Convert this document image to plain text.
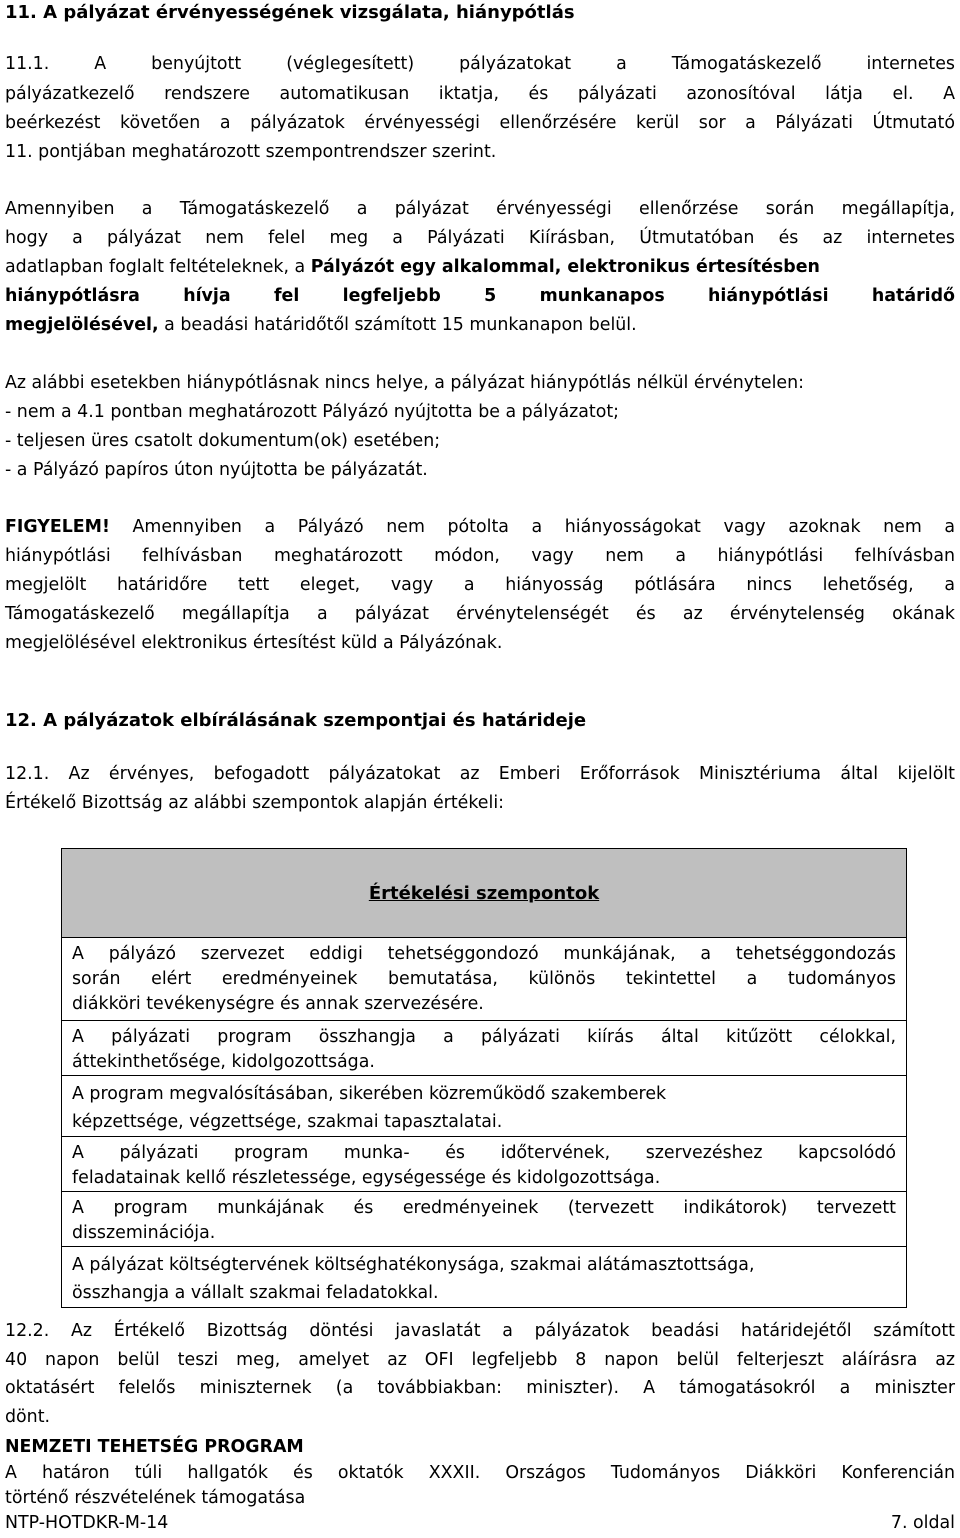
11. A pályázat érvényességének vizsgálata, hiánypótlás
11.1. A benyújtott (véglegesített) pályázatokat a Támogatáskezelő internetes
pályázatkezelő rendszere automatikusan iktatja, és pályázati azonosítóval látja el. A
beérkezést követően a pályázatok érvényességi ellenőrzésére kerül sor a Pályázati Útmutató
11. pontjában meghatározott szempontrendszer szerint.
Amennyiben a Támogatáskezelő a pályázat érvényességi ellenőrzése során megállapítja,
hogy a pályázat nem felel meg a Pályázati Kiírásban, Útmutatóban és az internetes
adatlapban foglalt feltételeknek, a Pályázót egy alkalommal, elektronikus értesítésben
hiánypótlásra hívja fel legfeljebb 5 munkanapos hiánypótlási határidő
megjelölésével, a beadási határidőtől számított 15 munkanapon belül.
Az alábbi esetekben hiánypótlásnak nincs helye, a pályázat hiánypótlás nélkül érvénytelen:
- nem a 4.1 pontban meghatározott Pályázó nyújtotta be a pályázatot;
- teljesen üres csatolt dokumentum(ok) esetében;
- a Pályázó papíros úton nyújtotta be pályázatát.
FIGYELEM! Amennyiben a Pályázó nem pótolta a hiányosságokat vagy azoknak nem a
hiánypótlási felhívásban meghatározott módon, vagy nem a hiánypótlási felhívásban
megjelölt határidőre tett eleget, vagy a hiányosság pótlására nincs lehetőség, a
Támogatáskezelő megállapítja a pályázat érvénytelenségét és az érvénytelenség okának
megjelölésével elektronikus értesítést küld a Pályázónak.
12. A pályázatok elbírálásának szempontjai és határideje
12.1. Az érvényes, befogadott pályázatokat az Emberi Erőforrások Minisztériuma által kijelölt
Értékelő Bizottság az alábbi szempontok alapján értékeli:
Értékelési szempontok

A pályázó szervezet eddigi tehetséggondozó munkájának, a tehetséggondozás
során elért eredményeinek bemutatása, különös tekintettel a tudományos
diákköri tevékenységre és annak szervezésére.

A pályázati program összhangja a pályázati kiírás által kitűzött célokkal,
áttekinthetősége, kidolgozottsága.

A program megvalósításában, sikerében közreműködő szakemberek
képzettsége, végzettsége, szakmai tapasztalatai.

A pályázati program munka- és időtervének, szervezéshez kapcsolódó
feladatainak kellő részletessége, egységessége és kidolgozottsága.

A program munkájának és eredményeinek (tervezett indikátorok) tervezett
disszeminációja.

A pályázat költségtervének költséghatékonysága, szakmai alátámasztottsága,
összhangja a vállalt szakmai feladatokkal.
12.2. Az Értékelő Bizottság döntési javaslatát a pályázatok beadási határidejétől számított
40 napon belül teszi meg, amelyet az OFI legfeljebb 8 napon belül felterjeszt aláírásra az
oktatásért felelős miniszternek (a továbbiakban: miniszter). A támogatásokról a miniszter
dönt.
NEMZETI TEHETSÉG PROGRAM
A határon túli hallgatók és oktatók XXXII. Országos Tudományos Diákköri Konferencián
történő részvételének támogatása
NTP-HOTDKR-M-14	7. oldal
